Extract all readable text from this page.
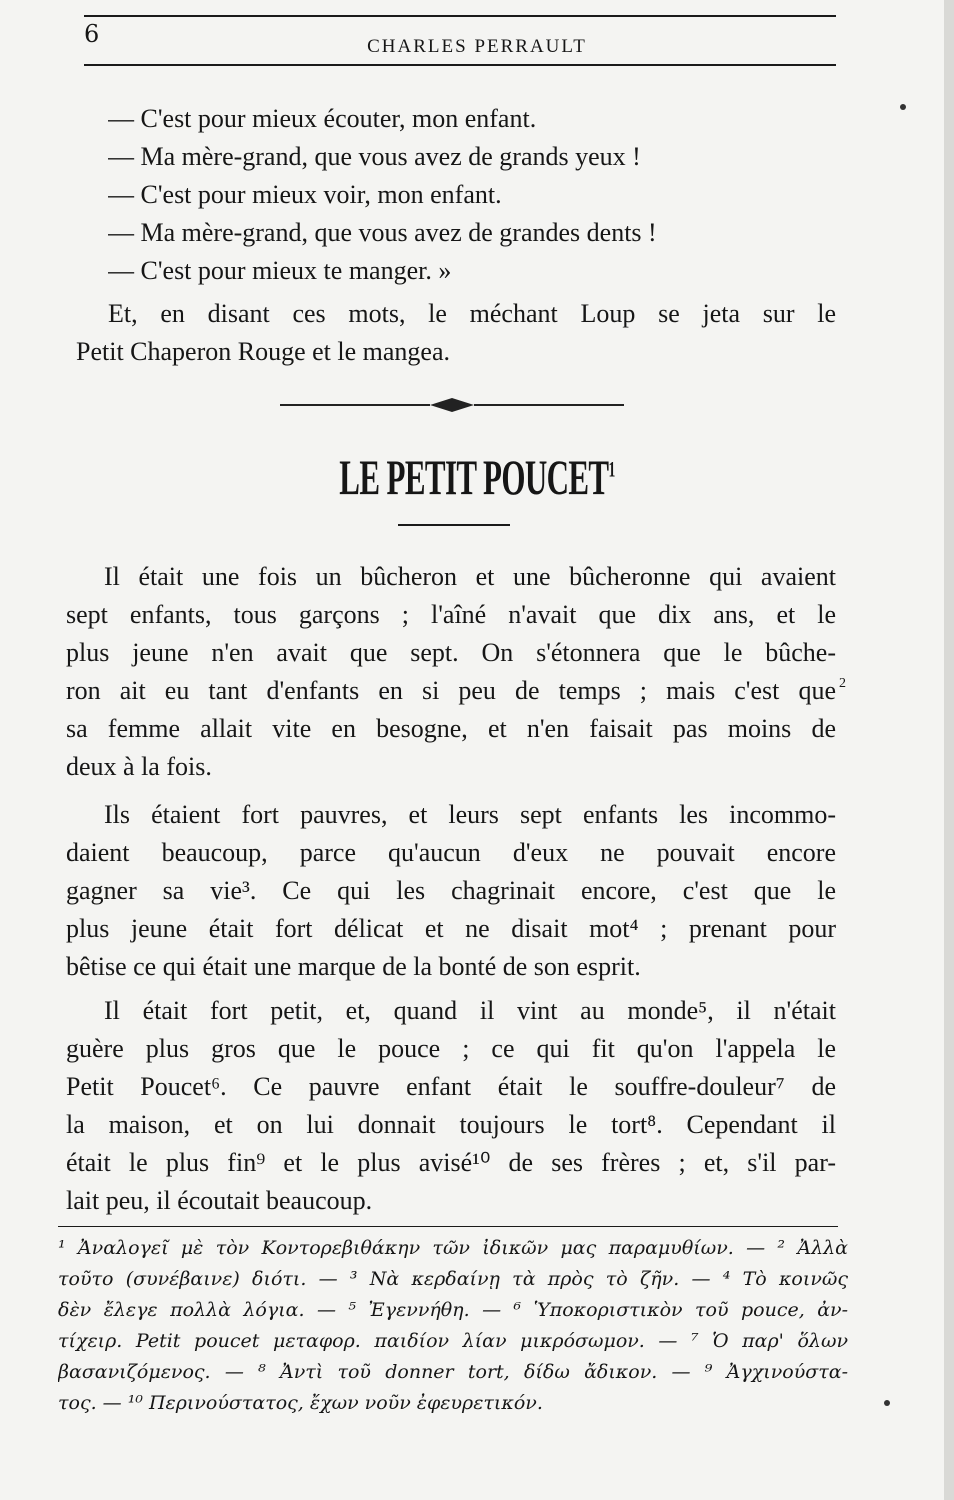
6	CHARLES PERRAULT
— C'est pour mieux écouter, mon enfant.
— Ma mère-grand, que vous avez de grands yeux !
— C'est pour mieux voir, mon enfant.
— Ma mère-grand, que vous avez de grandes dents !
— C'est pour mieux te manger. »
Et, en disant ces mots, le méchant Loup se jeta sur le
Petit Chaperon Rouge et le mangea.
LE PETIT POUCET$^1$
Il était une fois un bûcheron et une bûcheronne qui avaient
sept enfants, tous garçons ; l'aîné n'avait que dix ans, et le
plus jeune n'en avait que sept. On s'étonnera que le bûche-
ron ait eu tant d'enfants en si peu de temps ; mais c'est que 2
sa femme allait vite en besogne, et n'en faisait pas moins de
deux à la fois.
Ils étaient fort pauvres, et leurs sept enfants les incommo-
daient beaucoup, parce qu'aucun d'eux ne pouvait encore
gagner sa vie³. Ce qui les chagrinait encore, c'est que le
plus jeune était fort délicat et ne disait mot⁴ ; prenant pour
bêtise ce qui était une marque de la bonté de son esprit.
Il était fort petit, et, quand il vint au monde⁵, il n'était
guère plus gros que le pouce ; ce qui fit qu'on l'appela le
Petit Poucet⁶. Ce pauvre enfant était le souffre-douleur⁷ de
la maison, et on lui donnait toujours le tort⁸. Cependant il
était le plus fin⁹ et le plus avisé¹⁰ de ses frères ; et, s'il par-
lait peu, il écoutait beaucoup.
¹ Ἀναλογεῖ μὲ τὸν Κοντορεβιθάκην τῶν ἰδικῶν μας παραμυθίων. — ² Ἀλλὰ
τοῦτο (συνέβαινε) διότι. — ³ Νὰ κερδαίνῃ τὰ πρὸς τὸ ζῆν. — ⁴ Τὸ κοινῶς
δὲν ἔλεγε πολλὰ λόγια. — ⁵ Ἐγεννήθη. — ⁶ Ὑποκοριστικὸν τοῦ pouce, ἀν-
τίχειρ. Petit poucet μεταφορ. παιδίον λίαν μικρόσωμον. — ⁷ Ὁ παρ' ὅλων
βασανιζόμενος. — ⁸ Ἀντὶ τοῦ donner tort, δίδω ἄδικον. — ⁹ Ἀγχινούστα-
τος. — ¹⁰ Περινούστατος, ἔχων νοῦν ἐφευρετικόν.
